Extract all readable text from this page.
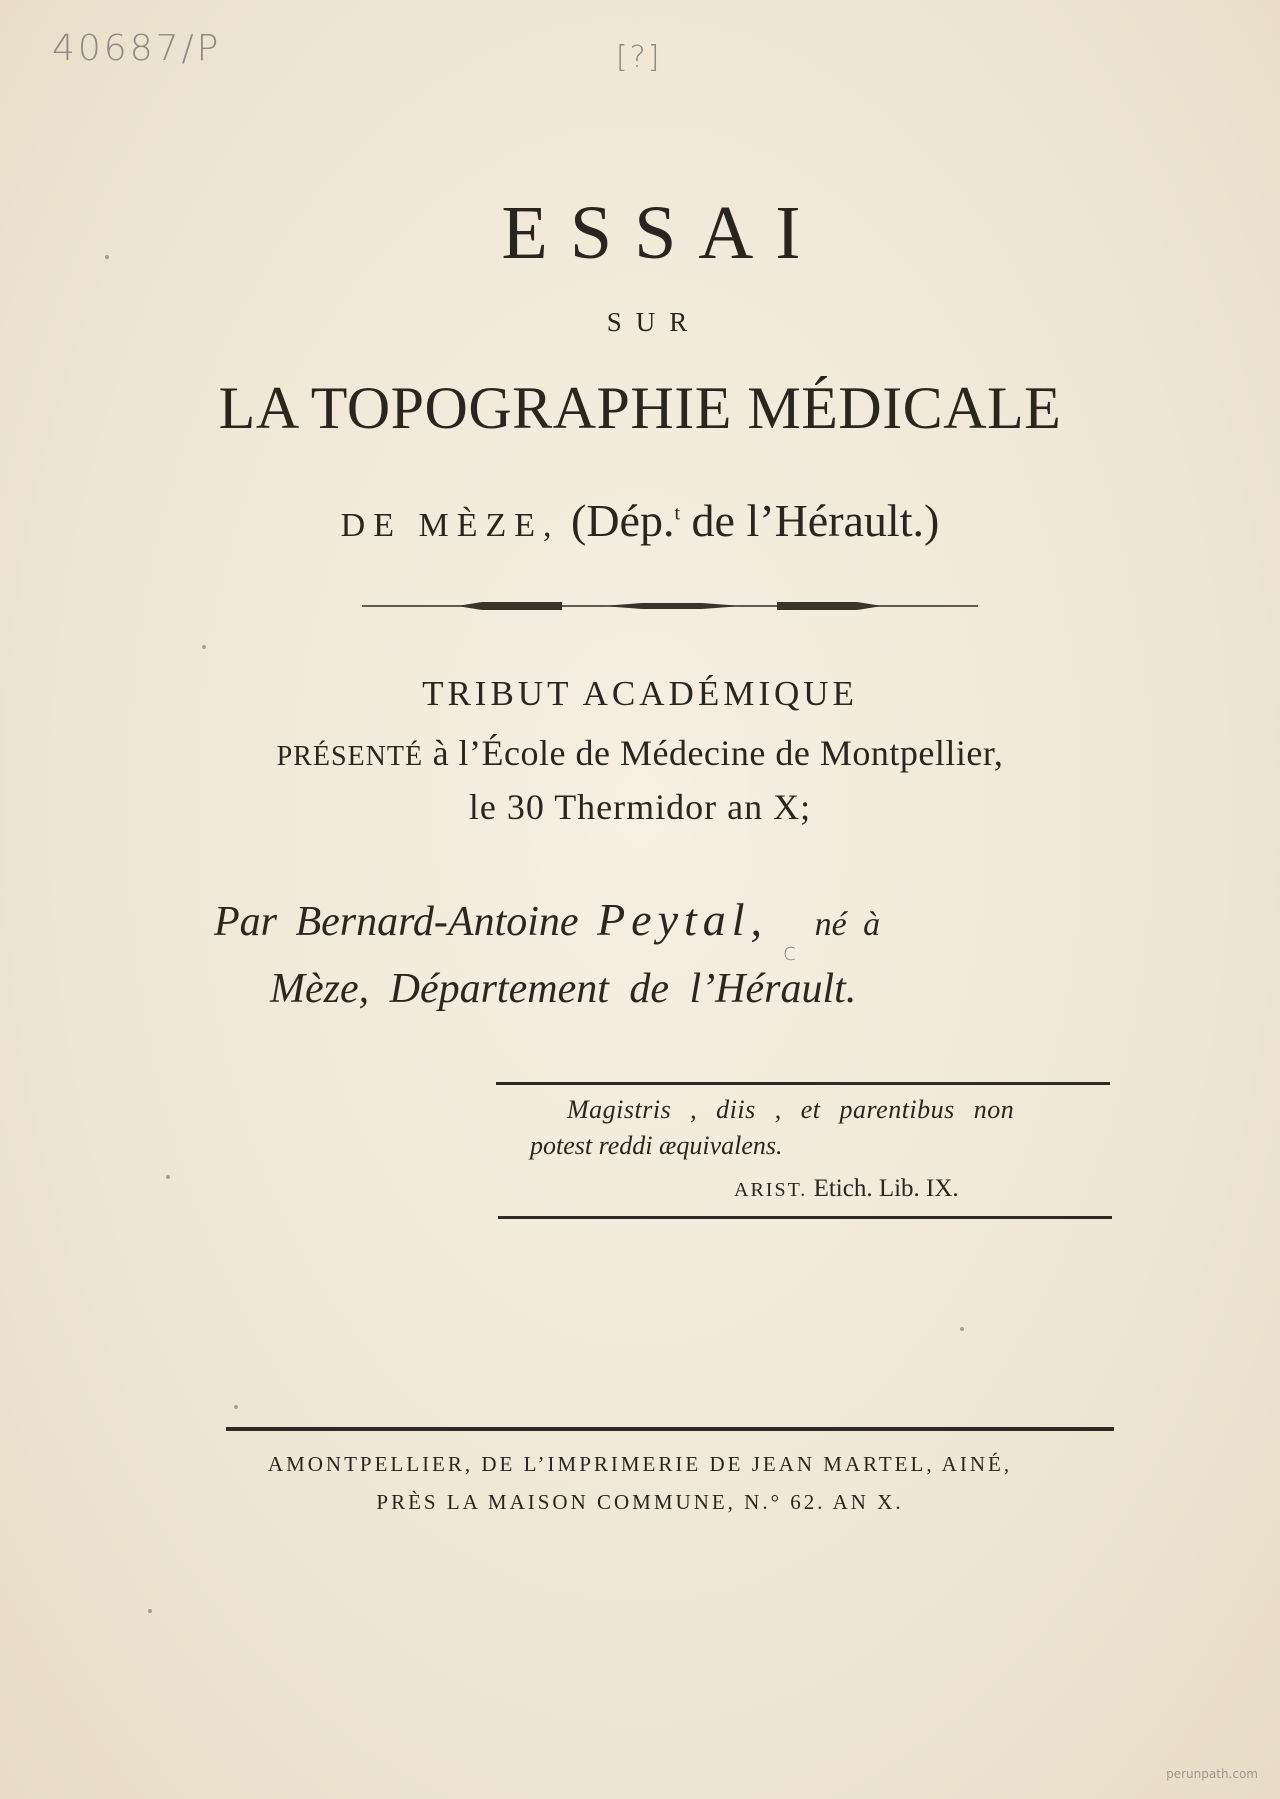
40687/P	[?]
ESSAI
SUR
LA TOPOGRAPHIE MÉDICALE
DE MÈZE, (Dép.$^t$ de l’Hérault.)
TRIBUT ACADÉMIQUE
PRÉSENTÉ à l’École de Médecine de Montpellier,
le 30 Thermidor an X;
Par Bernard-Antoine Peytal, né à
c
Mèze, Département de l’Hérault.
Magistris , diis , et parentibus non
potest reddi æquivalens.
ARIST. Etich. Lib. IX.
AMONTPELLIER, DE L’IMPRIMERIE DE JEAN MARTEL, AINÉ,
PRÈS LA MAISON COMMUNE, N.° 62. AN X.
perunpath.com
